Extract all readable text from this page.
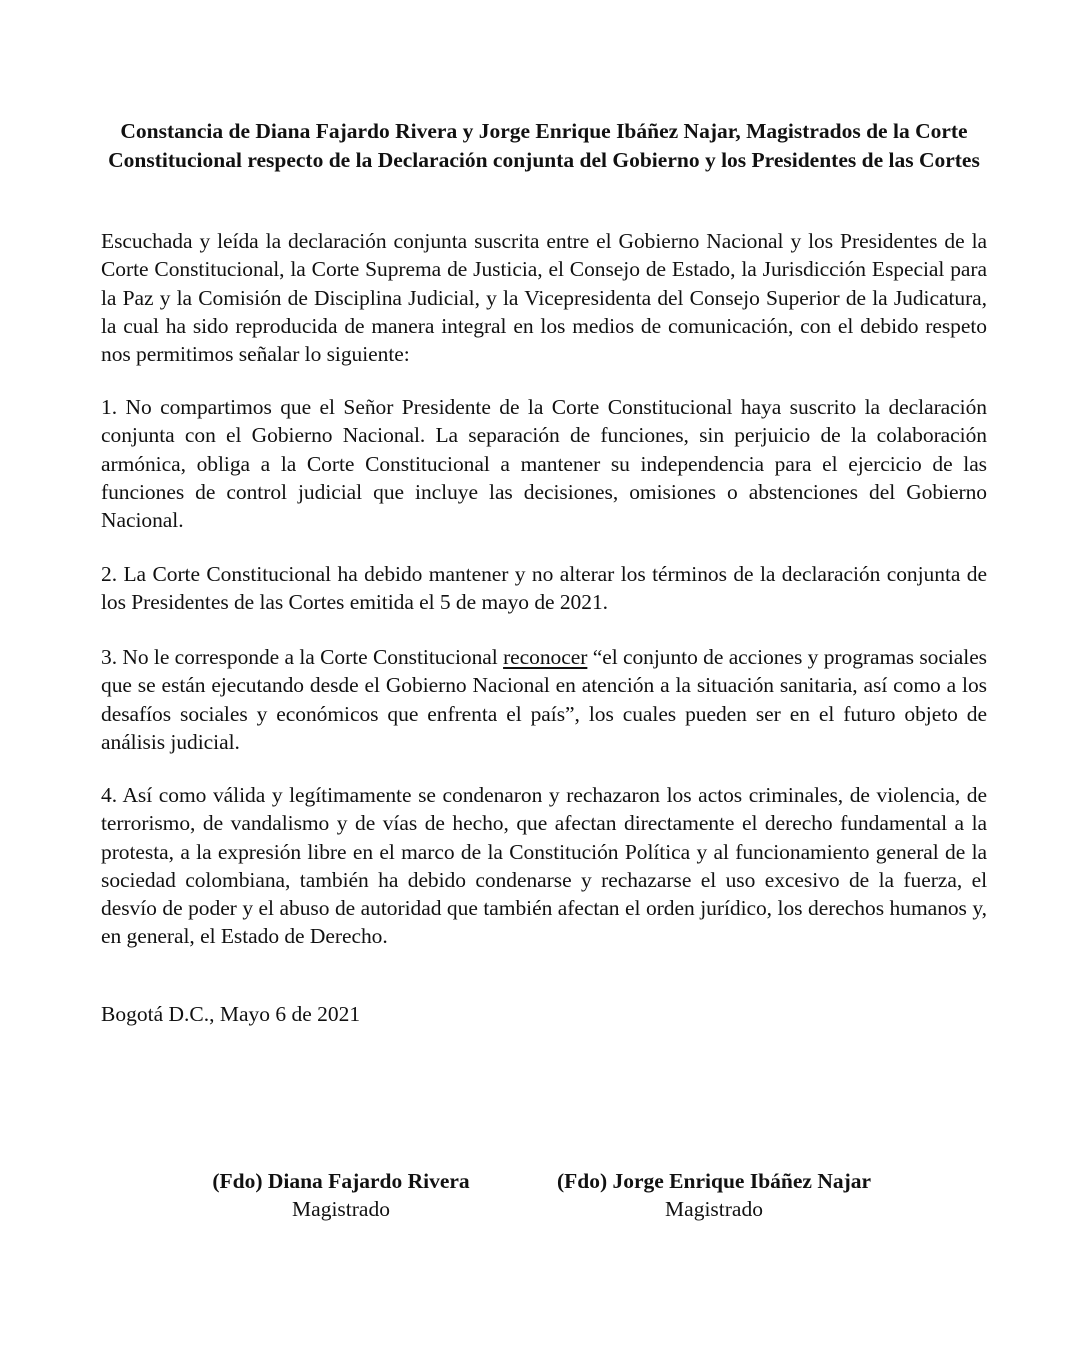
Constancia de Diana Fajardo Rivera y Jorge Enrique Ibáñez Najar, Magistrados de la Corte Constitucional respecto de la Declaración conjunta del Gobierno y los Presidentes de las Cortes

Escuchada y leída la declaración conjunta suscrita entre el Gobierno Nacional y los Presidentes de la Corte Constitucional, la Corte Suprema de Justicia, el Consejo de Estado, la Jurisdicción Especial para la Paz y la Comisión de Disciplina Judicial, y la Vicepresidenta del Consejo Superior de la Judicatura, la cual ha sido reproducida de manera integral en los medios de comunicación, con el debido respeto nos permitimos señalar lo siguiente:

1. No compartimos que el Señor Presidente de la Corte Constitucional haya suscrito la declaración conjunta con el Gobierno Nacional. La separación de funciones, sin perjuicio de la colaboración armónica, obliga a la Corte Constitucional a mantener su independencia para el ejercicio de las funciones de control judicial que incluye las decisiones, omisiones o abstenciones del Gobierno Nacional.

2. La Corte Constitucional ha debido mantener y no alterar los términos de la declaración conjunta de los Presidentes de las Cortes emitida el 5 de mayo de 2021.

3. No le corresponde a la Corte Constitucional reconocer “el conjunto de acciones y programas sociales que se están ejecutando desde el Gobierno Nacional en atención a la situación sanitaria, así como a los desafíos sociales y económicos que enfrenta el país”, los cuales pueden ser en el futuro objeto de análisis judicial.

4. Así como válida y legítimamente se condenaron y rechazaron los actos criminales, de violencia, de terrorismo, de vandalismo y de vías de hecho, que afectan directamente el derecho fundamental a la protesta, a la expresión libre en el marco de la Constitución Política y al funcionamiento general de la sociedad colombiana, también ha debido condenarse y rechazarse el uso excesivo de la fuerza, el desvío de poder y el abuso de autoridad que también afectan el orden jurídico, los derechos humanos y, en general, el Estado de Derecho.

Bogotá D.C., Mayo 6 de 2021

(Fdo) Diana Fajardo Rivera
Magistrado
(Fdo) Jorge Enrique Ibáñez Najar
Magistrado
